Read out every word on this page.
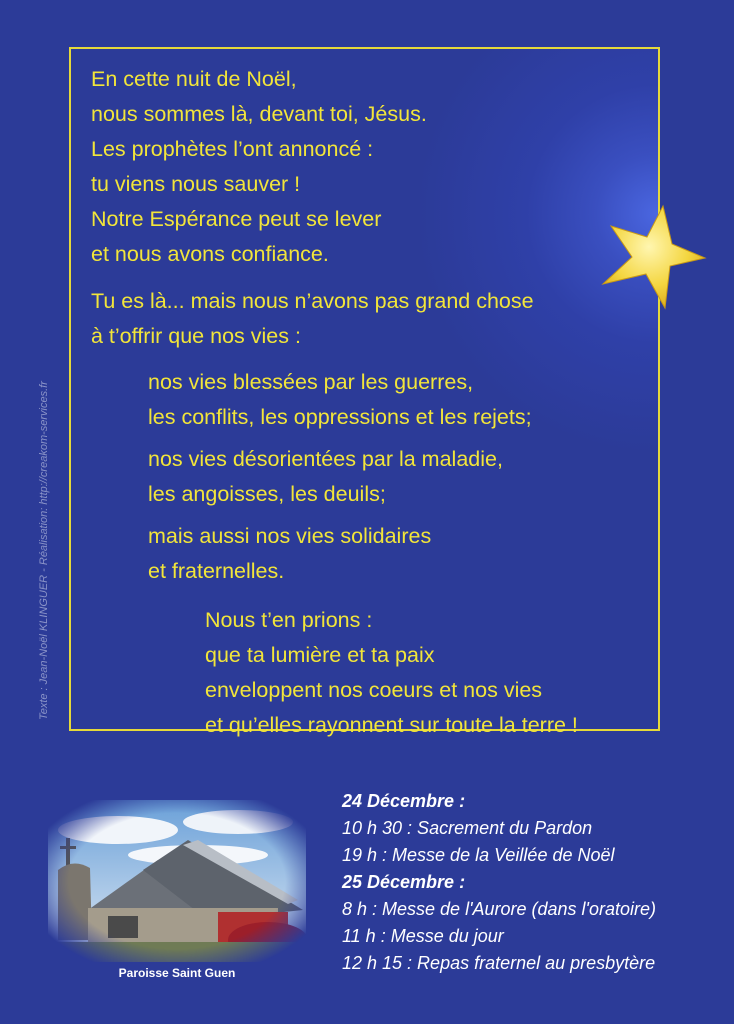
En cette nuit de Noël,
nous sommes là, devant toi, Jésus.
Les prophètes l’ont annoncé :
tu viens nous sauver !
Notre Espérance peut se lever
et nous avons confiance.
Tu es là... mais nous n’avons pas grand chose
à t’offrir que nos vies :
nos vies blessées par les guerres,
les conflits, les oppressions et les rejets;
nos vies désorientées par la maladie,
les angoisses, les deuils;
mais aussi nos vies solidaires
et fraternelles.
Nous t’en prions :
que ta lumière et ta paix
enveloppent nos coeurs et nos vies
et qu’elles rayonnent sur toute la terre !
Texte : Jean-Noël KLINGUER - Réalisation: http://creakom-services.fr
Paroisse Saint Guen
24 Décembre :
10 h 30 : Sacrement du Pardon
19 h : Messe de la Veillée de Noël
25 Décembre :
8 h : Messe de l'Aurore (dans l'oratoire)
11 h : Messe du jour
12 h 15 : Repas fraternel au presbytère
